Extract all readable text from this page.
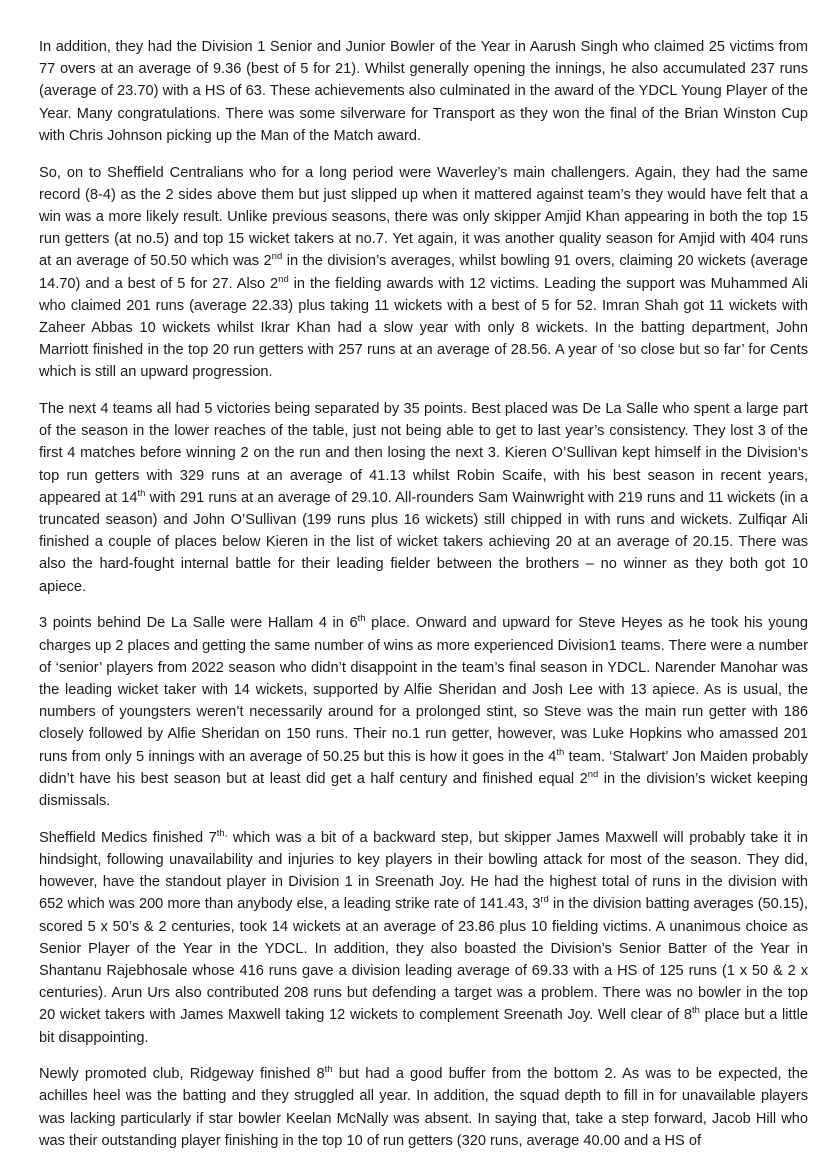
In addition, they had the Division 1 Senior and Junior Bowler of the Year in Aarush Singh who claimed 25 victims from 77 overs at an average of 9.36 (best of 5 for 21). Whilst generally opening the innings, he also accumulated 237 runs (average of 23.70) with a HS of 63. These achievements also culminated in the award of the YDCL Young Player of the Year. Many congratulations. There was some silverware for Transport as they won the final of the Brian Winston Cup with Chris Johnson picking up the Man of the Match award.

So, on to Sheffield Centralians who for a long period were Waverley’s main challengers. Again, they had the same record (8-4) as the 2 sides above them but just slipped up when it mattered against team’s they would have felt that a win was a more likely result. Unlike previous seasons, there was only skipper Amjid Khan appearing in both the top 15 run getters (at no.5) and top 15 wicket takers at no.7. Yet again, it was another quality season for Amjid with 404 runs at an average of 50.50 which was 2nd in the division’s averages, whilst bowling 91 overs, claiming 20 wickets (average 14.70) and a best of 5 for 27. Also 2nd in the fielding awards with 12 victims. Leading the support was Muhammed Ali who claimed 201 runs (average 22.33) plus taking 11 wickets with a best of 5 for 52. Imran Shah got 11 wickets with Zaheer Abbas 10 wickets whilst Ikrar Khan had a slow year with only 8 wickets. In the batting department, John Marriott finished in the top 20 run getters with 257 runs at an average of 28.56. A year of ‘so close but so far’ for Cents which is still an upward progression.

The next 4 teams all had 5 victories being separated by 35 points. Best placed was De La Salle who spent a large part of the season in the lower reaches of the table, just not being able to get to last year’s consistency. They lost 3 of the first 4 matches before winning 2 on the run and then losing the next 3. Kieren O’Sullivan kept himself in the Division’s top run getters with 329 runs at an average of 41.13 whilst Robin Scaife, with his best season in recent years, appeared at 14th with 291 runs at an average of 29.10. All-rounders Sam Wainwright with 219 runs and 11 wickets (in a truncated season) and John O’Sullivan (199 runs plus 16 wickets) still chipped in with runs and wickets. Zulfiqar Ali finished a couple of places below Kieren in the list of wicket takers achieving 20 at an average of 20.15. There was also the hard-fought internal battle for their leading fielder between the brothers – no winner as they both got 10 apiece.

3 points behind De La Salle were Hallam 4 in 6th place. Onward and upward for Steve Heyes as he took his young charges up 2 places and getting the same number of wins as more experienced Division1 teams. There were a number of ‘senior’ players from 2022 season who didn’t disappoint in the team’s final season in YDCL. Narender Manohar was the leading wicket taker with 14 wickets, supported by Alfie Sheridan and Josh Lee with 13 apiece. As is usual, the numbers of youngsters weren’t necessarily around for a prolonged stint, so Steve was the main run getter with 186 closely followed by Alfie Sheridan on 150 runs. Their no.1 run getter, however, was Luke Hopkins who amassed 201 runs from only 5 innings with an average of 50.25 but this is how it goes in the 4th team. ‘Stalwart’ Jon Maiden probably didn’t have his best season but at least did get a half century and finished equal 2nd in the division’s wicket keeping dismissals.

Sheffield Medics finished $7^{th,}$ which was a bit of a backward step, but skipper James Maxwell will probably take it in hindsight, following unavailability and injuries to key players in their bowling attack for most of the season. They did, however, have the standout player in Division 1 in Sreenath Joy. He had the highest total of runs in the division with 652 which was 200 more than anybody else, a leading strike rate of 141.43, 3rd in the division batting averages (50.15), scored 5 x 50’s & 2 centuries, took 14 wickets at an average of 23.86 plus 10 fielding victims. A unanimous choice as Senior Player of the Year in the YDCL. In addition, they also boasted the Division’s Senior Batter of the Year in Shantanu Rajebhosale whose 416 runs gave a division leading average of 69.33 with a HS of 125 runs (1 x 50 & 2 x centuries). Arun Urs also contributed 208 runs but defending a target was a problem. There was no bowler in the top 20 wicket takers with James Maxwell taking 12 wickets to complement Sreenath Joy. Well clear of 8th place but a little bit disappointing.

Newly promoted club, Ridgeway finished 8th but had a good buffer from the bottom 2. As was to be expected, the achilles heel was the batting and they struggled all year. In addition, the squad depth to fill in for unavailable players was lacking particularly if star bowler Keelan McNally was absent. In saying that, take a step forward, Jacob Hill who was their outstanding player finishing in the top 10 of run getters (320 runs, average 40.00 and a HS of
